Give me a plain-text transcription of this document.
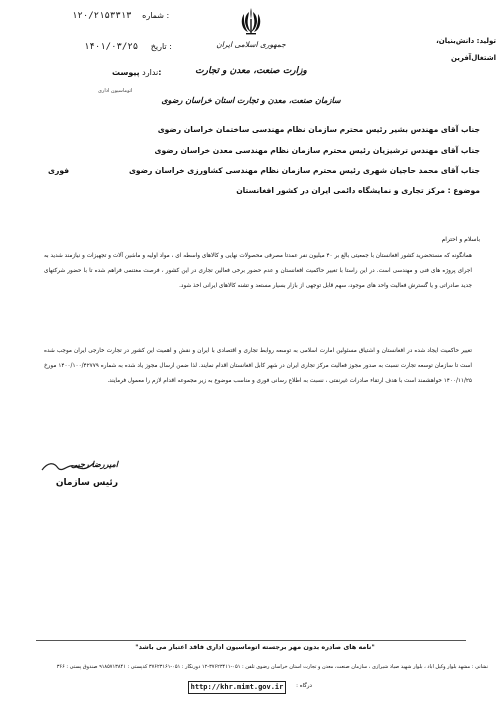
۱۲۰/۲۱۵۳۳۱۳ شماره :
۱۴۰۱/۰۳/۲۵ تاریخ :
ندارد پیوست:
اتوماسیون اداری
جمهوری اسلامی ایران
وزارت صنعت، معدن و تجارت
سازمان صنعت، معدن و تجارت استان خراسان رضوی
تولید: دانش‌بنیان،
اشتغال‌آفرین
جناب آقای مهندس بشیر رئیس محترم سازمان نظام مهندسی ساختمان خراسان رضوی
جناب آقای مهندس ترشیزیان رئیس محترم سازمان نظام مهندسی معدن خراسان رضوی
جناب آقای محمد حاجیان شهری رئیس محترم سازمان نظام مهندسی کشاورزی خراسان رضوی
فوری
موضوع : مرکز تجاری و نمایشگاه دائمی ایران در کشور افغانستان
باسلام و احترام

همانگونه که مستحضرید کشور افغانستان با جمعیتی بالغ بر ۴۰ میلیون نفر عمدتا مصرفی محصولات نهایی و کالاهای واسطه ای ، مواد اولیه و ماشین آلات و تجهیزات و نیازمند شدید به اجرای پروژه های فنی و مهندسی است. در این راستا با تغییر حاکمیت افغانستان و عدم حضور برخی فعالین تجاری در این کشور ، فرصت مغتنمی فراهم شده تا با حضور شرکتهای جدید صادراتی و یا گسترش فعالیت واحد های موجود، سهم قابل توجهی از بازار بسیار مستعد و تشنه کالاهای ایرانی اخذ شود.

تغییر حاکمیت ایجاد شده در افغانستان و اشتیاق مسئولین امارت اسلامی به توسعه روابط تجاری و اقتصادی با ایران و نقش و اهمیت این کشور در تجارت خارجی ایران موجب شده است تا سازمان توسعه تجارت نسبت به صدور مجوز فعالیت مرکز تجاری ایران در شهر کابل افغانستان اقدام نمایند. لذا ضمن ارسال مجوز یاد شده به شماره ۱۴۰۰/۱۰۰/۴۲۷۷۹ مورخ ۱۴۰۰/۱۱/۲۵ خواهشمند است با هدف ارتقاء صادرات غیرنفتی ، نسبت به اطلاع رسانی فوری و مناسب موضوع به زیر مجموعه اقدام لازم را معمول فرمایند.

امیررضا رجبی
رئیس سازمان
"نامه های صادره بدون مهر برجسته اتوماسیون اداری فاقد اعتبار می باشد"
نشانی : مشهد بلوار وکیل آباد ، بلوار شهید صیاد شیرازی ، سازمان صنعت، معدن و تجارت استان خراسان رضوی تلفن : ۰۵۱-۳۷۶۲۳۴۱۱-۱۲ دورنگار : ۰۵۱-۳۷۶۲۳۱۶۱ کدپستی : ۹۱۸۵۷۱۳۸۴۱ صندوق پستی : ۳۶۶
http://khr.mimt.gov.ir	درگاه :
